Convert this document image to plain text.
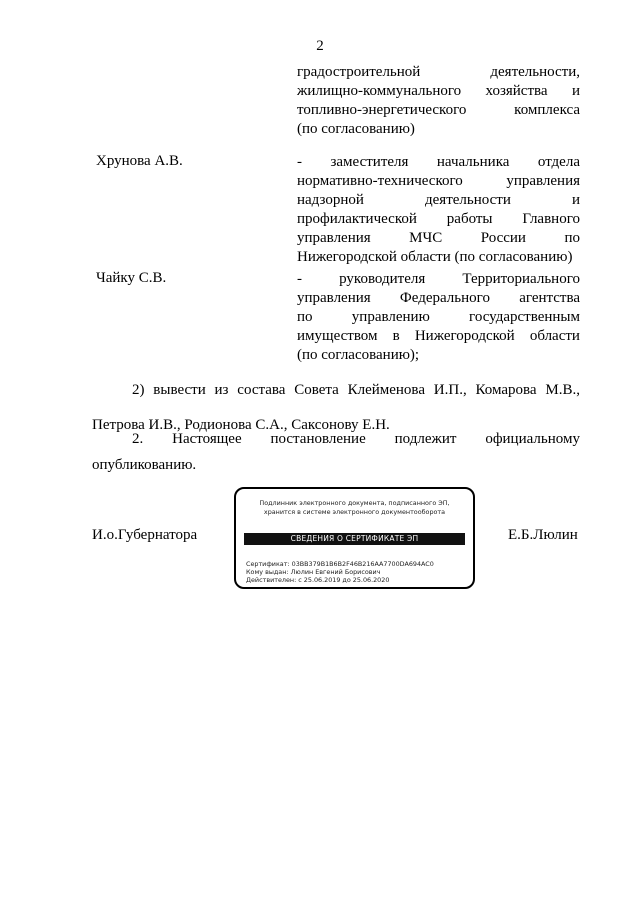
2
градостроительной	деятельности,
жилищно-коммунального хозяйства и
топливно-энергетического	комплекса
(по согласованию)
Хрунова А.В.	- заместителя начальника отдела
нормативно-технического	управления
надзорной	деятельности	и
профилактической работы Главного
управления	МЧС	России	по
Нижегородской области (по согласованию)
Чайку С.В.	- руководителя Территориального
управления Федерального агентства
по	управлению	государственным
имуществом в Нижегородской области
(по согласованию);
2) вывести из состава Совета Клейменова И.П., Комарова М.В.,
Петрова И.В., Родионова С.А., Саксонову Е.Н.
2. Настоящее постановление подлежит официальному
опубликованию.
И.о.Губернатора
Подлинник электронного документа, подписанного ЭП,
хранится в системе электронного документооборота
СВЕДЕНИЯ О СЕРТИФИКАТЕ ЭП
Сертификат: 03BB379B1B6B2F46B216AA7700DA694AC0
Кому выдан: Люлин Евгений Борисович
Действителен: с 25.06.2019 до 25.06.2020
Е.Б.Люлин
